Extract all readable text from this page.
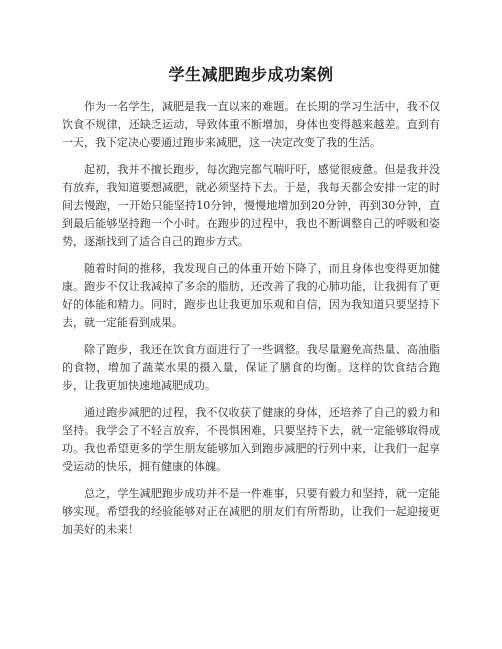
学生减肥跑步成功案例

作为一名学生，减肥是我一直以来的难题。在长期的学习生活中，我不仅饮食不规律，还缺乏运动，导致体重不断增加，身体也变得越来越差。直到有一天，我下定决心要通过跑步来减肥，这一决定改变了我的生活。

起初，我并不擅长跑步，每次跑完都气喘吁吁，感觉很疲惫。但是我并没有放弃，我知道要想减肥，就必须坚持下去。于是，我每天都会安排一定的时间去慢跑，一开始只能坚持10分钟，慢慢地增加到20分钟，再到30分钟，直到最后能够坚持跑一个小时。在跑步的过程中，我也不断调整自己的呼吸和姿势，逐渐找到了适合自己的跑步方式。

随着时间的推移，我发现自己的体重开始下降了，而且身体也变得更加健康。跑步不仅让我减掉了多余的脂肪，还改善了我的心肺功能，让我拥有了更好的体能和精力。同时，跑步也让我更加乐观和自信，因为我知道只要坚持下去，就一定能看到成果。

除了跑步，我还在饮食方面进行了一些调整。我尽量避免高热量、高油脂的食物，增加了蔬菜水果的摄入量，保证了膳食的均衡。这样的饮食结合跑步，让我更加快速地减肥成功。

通过跑步减肥的过程，我不仅收获了健康的身体，还培养了自己的毅力和坚持。我学会了不轻言放弃，不畏惧困难，只要坚持下去，就一定能够取得成功。我也希望更多的学生朋友能够加入到跑步减肥的行列中来，让我们一起享受运动的快乐，拥有健康的体魄。

总之，学生减肥跑步成功并不是一件难事，只要有毅力和坚持，就一定能够实现。希望我的经验能够对正在减肥的朋友们有所帮助，让我们一起迎接更加美好的未来！
